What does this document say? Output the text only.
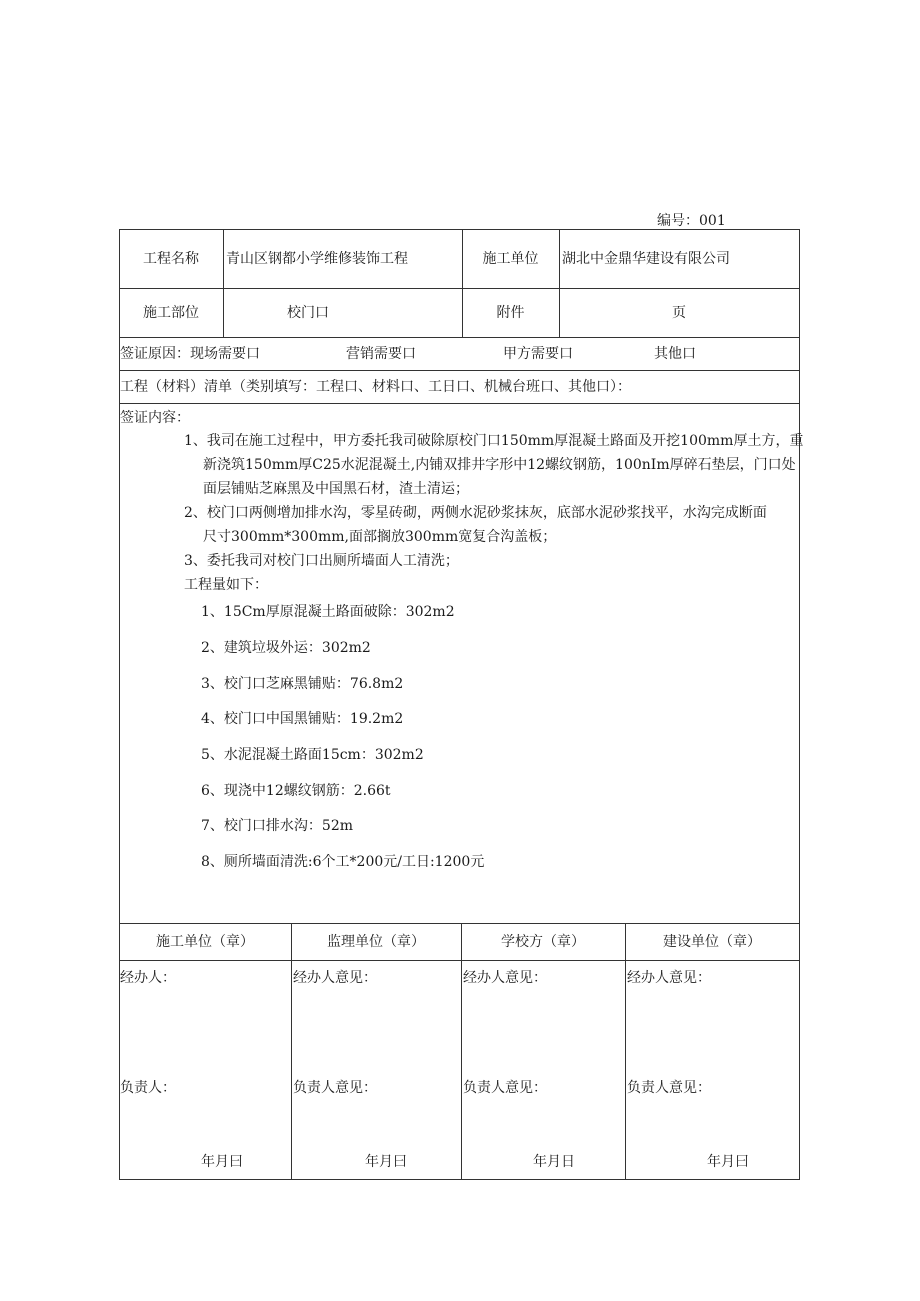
编号：001
工程名称	青山区钢都小学维修装饰工程	施工单位	湖北中金鼎华建设有限公司
施工部位	校门口	附件	页
签证原因：现场需要口	营销需要口	甲方需要口	其他口
工程（材料）清单（类别填写：工程口、材料口、工日口、机械台班口、其他口）：
签证内容：
1、我司在施工过程中，甲方委托我司破除原校门口150mm厚混凝土路面及开挖100mm厚土方，重
新浇筑150mm厚C25水泥混凝土,内铺双排井字形中12螺纹钢筋，100nIm厚碎石垫层，门口处
面层铺贴芝麻黑及中国黑石材，渣土清运；
2、校门口两侧增加排水沟，零星砖砌，两侧水泥砂浆抹灰，底部水泥砂浆找平，水沟完成断面
尺寸300mm*300mm,面部搁放300mm宽复合沟盖板；
3、委托我司对校门口出厕所墙面人工清洗；
工程量如下：
1、15Cm厚原混凝土路面破除：302m2
2、建筑垃圾外运：302m2
3、校门口芝麻黑铺贴：76.8m2
4、校门口中国黑铺贴：19.2m2
5、水泥混凝土路面15cm：302m2
6、现浇中12螺纹钢筋：2.66t
7、校门口排水沟：52m
8、厕所墙面清洗:6个工*200元/工日:1200元
施工单位（章）	监理单位（章）	学校方（章）	建设单位（章）
经办人：	经办人意见：	经办人意见：	经办人意见：
负责人：	负责人意见：	负责人意见：	负责人意见：
年月曰	年月曰	年月日	年月曰
